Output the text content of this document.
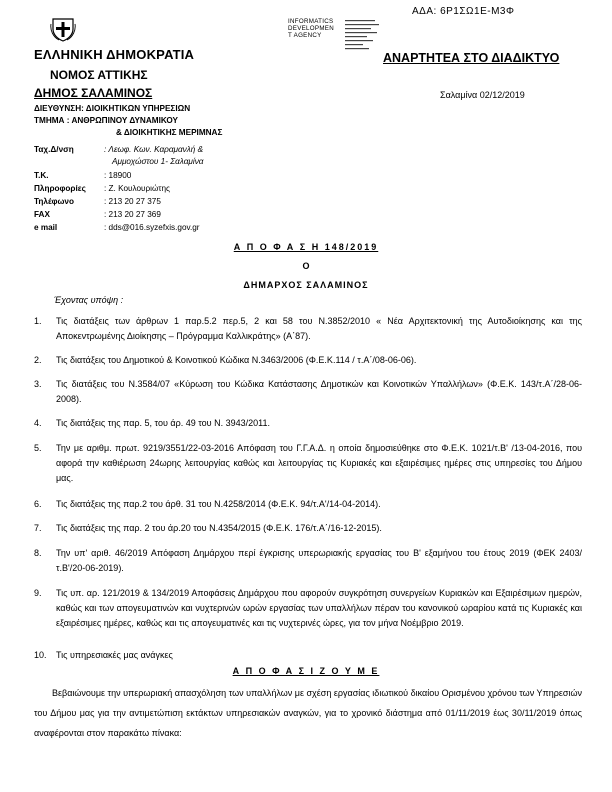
ΑΔΑ: 6Ρ1ΣΩ1Ε-Μ3Φ
INFORMATICS
DEVELOPMEN
T AGENCY
ΕΛΛΗΝΙΚΗ ΔΗΜΟΚΡΑΤΙΑ
ΝΟΜΟΣ ΑΤΤΙΚΗΣ
ΔΗΜΟΣ ΣΑΛΑΜΙΝΟΣ
ΑΝΑΡΤΗΤΕΑ ΣΤΟ ΔΙΑΔΙΚΤΥΟ
Σαλαμίνα 02/12/2019
ΔΙΕΥΘΥΝΣΗ: ΔΙΟΙΚΗΤΙΚΩΝ ΥΠΗΡΕΣΙΩΝ
ΤΜΗΜΑ : ΑΝΘΡΩΠΙΝΟΥ ΔΥΝΑΜΙΚΟΥ
& ΔΙΟΙΚΗΤΙΚΗΣ ΜΕΡΙΜΝΑΣ
Ταχ.Δ/νση	: Λεωφ. Κων. Καραμανλή &
Αμμοχώστου 1- Σαλαμίνα
Τ.Κ.	: 18900
Πληροφορίες : Ζ. Κουλουριώτης
Τηλέφωνο	: 213 20 27 375
FAX	: 213 20 27 369
e mail	: dds@016.syzefxis.gov.gr
Α Π Ο Φ Α Σ Η 148/2019
Ο
ΔΗΜΑΡΧΟΣ ΣΑΛΑΜΙΝΟΣ
Έχοντας υπόψη :
1. Τις διατάξεις των άρθρων 1 παρ.5.2 περ.5, 2 και 58 του Ν.3852/2010 « Νέα Αρχιτεκτονική της Αυτοδιοίκησης και της Αποκεντρωμένης Διοίκησης – Πρόγραμμα Καλλικράτης» (Α΄87).
2. Τις διατάξεις του Δημοτικού & Κοινοτικού Κώδικα Ν.3463/2006 (Φ.Ε.Κ.114 / τ.Α΄/08-06-06).
3. Τις διατάξεις του Ν.3584/07 «Κύρωση του Κώδικα Κατάστασης Δημοτικών και Κοινοτικών Υπαλλήλων» (Φ.Ε.Κ. 143/τ.Α΄/28-06-2008).
4. Τις διατάξεις της παρ. 5, του άρ. 49 του Ν. 3943/2011.
5. Την με αριθμ. πρωτ. 9219/3551/22-03-2016 Απόφαση του Γ.Γ.Α.Δ. η οποία δημοσιεύθηκε στο Φ.Ε.Κ. 1021/τ.Β' /13-04-2016, που αφορά την καθιέρωση 24ωρης λειτουργίας καθώς και λειτουργίας τις Κυριακές και εξαιρέσιμες ημέρες στις υπηρεσίες του Δήμου μας.
6. Τις διατάξεις της παρ.2 του άρθ. 31 του Ν.4258/2014 (Φ.Ε.Κ. 94/τ.Α'/14-04-2014).
7. Τις διατάξεις της παρ. 2 του άρ.20 του Ν.4354/2015 (Φ.Ε.Κ. 176/τ.Α΄/16-12-2015).
8. Την υπ' αριθ. 46/2019 Απόφαση Δημάρχου περί έγκρισης υπερωριακής εργασίας του Β' εξαμήνου του έτους 2019 (ΦΕΚ 2403/ τ.Β'/20-06-2019).
9. Τις υπ. αρ. 121/2019 & 134/2019 Αποφάσεις Δημάρχου που αφορούν συγκρότηση συνεργείων Κυριακών και Εξαιρέσιμων ημερών, καθώς και των απογευματινών και νυχτερινών ωρών εργασίας των υπαλλήλων πέραν του κανονικού ωραρίου κατά τις Κυριακές και εξαιρέσιμες ημέρες, καθώς και τις απογευματινές και τις νυχτερινές ώρες, για τον μήνα Νοέμβριο 2019.
10. Τις υπηρεσιακές μας ανάγκες
Α Π Ο Φ Α Σ Ι Ζ Ο Υ Μ Ε
Βεβαιώνουμε την υπερωριακή απασχόληση των υπαλλήλων με σχέση εργασίας ιδιωτικού δικαίου Ορισμένου χρόνου των Υπηρεσιών του Δήμου μας για την αντιμετώπιση εκτάκτων υπηρεσιακών αναγκών, για το χρονικό διάστημα από 01/11/2019 έως 30/11/2019 όπως αναφέρονται στον παρακάτω πίνακα:
